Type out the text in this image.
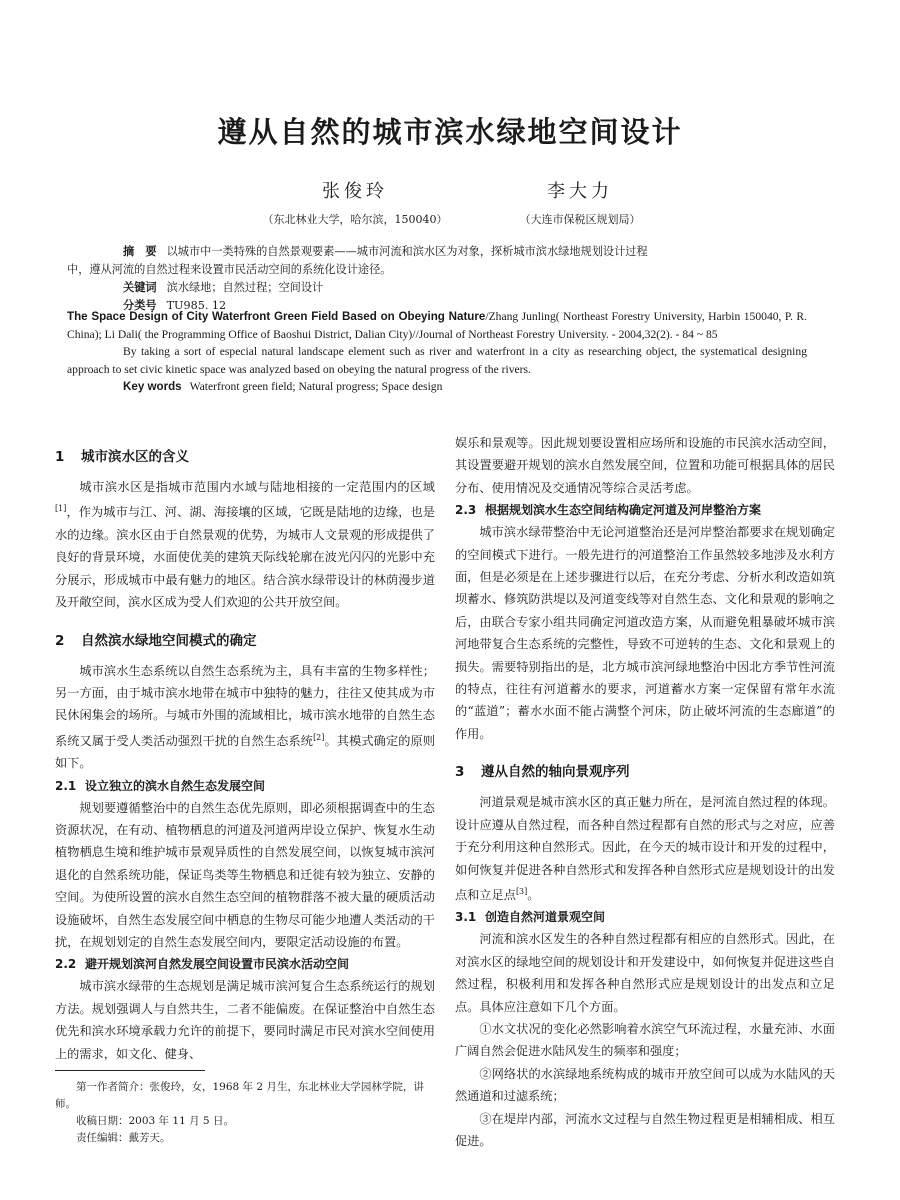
遵从自然的城市滨水绿地空间设计
张俊玲
（东北林业大学，哈尔滨，150040）
李大力
（大连市保税区规划局）

摘　要 以城市中一类特殊的自然景观要素——城市河流和滨水区为对象，探析城市滨水绿地规划设计过程

中，遵从河流的自然过程来设置市民活动空间的系统化设计途径。

关键词 滨水绿地；自然过程；空间设计

分类号 TU985. 12

The Space Design of City Waterfront Green Field Based on Obeying Nature/Zhang Junling( Northeast Forestry University, Harbin 150040, P. R. China); Li Dali( the Programming Office of Baoshui District, Dalian City)//Journal of Northeast Forestry University. - 2004,32(2). - 84 ~ 85

By taking a sort of especial natural landscape element such as river and waterfront in a city as researching object, the systematical designing approach to set civic kinetic space was analyzed based on obeying the natural progress of the rivers.

Key words Waterfront green field; Natural progress; Space design

1 城市滨水区的含义

城市滨水区是指城市范围内水域与陆地相接的一定范围内的区域[1]，作为城市与江、河、湖、海接壤的区域，它既是陆地的边缘，也是水的边缘。滨水区由于自然景观的优势，为城市人文景观的形成提供了良好的背景环境，水面使优美的建筑天际线轮廓在波光闪闪的光影中充分展示，形成城市中最有魅力的地区。结合滨水绿带设计的林荫漫步道及开敞空间，滨水区成为受人们欢迎的公共开放空间。

2 自然滨水绿地空间模式的确定

城市滨水生态系统以自然生态系统为主，具有丰富的生物多样性；另一方面，由于城市滨水地带在城市中独特的魅力，往往又使其成为市民休闲集会的场所。与城市外围的流域相比，城市滨水地带的自然生态系统又属于受人类活动强烈干扰的自然生态系统[2]。其模式确定的原则如下。

2.1 设立独立的滨水自然生态发展空间

规划要遵循整治中的自然生态优先原则，即必须根据调查中的生态资源状况，在有动、植物栖息的河道及河道两岸设立保护、恢复水生动植物栖息生境和维护城市景观异质性的自然发展空间，以恢复城市滨河退化的自然系统功能，保证鸟类等生物栖息和迁徙有较为独立、安静的空间。为使所设置的滨水自然生态空间的植物群落不被大量的硬质活动设施破坏，自然生态发展空间中栖息的生物尽可能少地遭人类活动的干扰，在规划划定的自然生态发展空间内，要限定活动设施的布置。

2.2 避开规划滨河自然发展空间设置市民滨水活动空间

城市滨水绿带的生态规划是满足城市滨河复合生态系统运行的规划方法。规划强调人与自然共生，二者不能偏废。在保证整治中自然生态优先和滨水环境承载力允许的前提下，要同时满足市民对滨水空间使用上的需求，如文化、健身、

娱乐和景观等。因此规划要设置相应场所和设施的市民滨水活动空间，其设置要避开规划的滨水自然发展空间，位置和功能可根据具体的居民分布、使用情况及交通情况等综合灵活考虑。

2.3 根据规划滨水生态空间结构确定河道及河岸整治方案

城市滨水绿带整治中无论河道整治还是河岸整治都要求在规划确定的空间模式下进行。一般先进行的河道整治工作虽然较多地涉及水利方面，但是必须是在上述步骤进行以后，在充分考虑、分析水利改造如筑坝蓄水、修筑防洪堤以及河道变线等对自然生态、文化和景观的影响之后，由联合专家小组共同确定河道改造方案，从而避免粗暴破坏城市滨河地带复合生态系统的完整性，导致不可逆转的生态、文化和景观上的损失。需要特别指出的是，北方城市滨河绿地整治中因北方季节性河流的特点，往往有河道蓄水的要求，河道蓄水方案一定保留有常年水流的“蓝道”；蓄水水面不能占满整个河床，防止破坏河流的生态廊道”的作用。

3 遵从自然的轴向景观序列

河道景观是城市滨水区的真正魅力所在，是河流自然过程的体现。设计应遵从自然过程，而各种自然过程都有自然的形式与之对应，应善于充分利用这种自然形式。因此，在今天的城市设计和开发的过程中，如何恢复并促进各种自然形式和发挥各种自然形式应是规划设计的出发点和立足点[3]。

3.1 创造自然河道景观空间

河流和滨水区发生的各种自然过程都有相应的自然形式。因此，在对滨水区的绿地空间的规划设计和开发建设中，如何恢复并促进这些自然过程，积极利用和发挥各种自然形式应是规划设计的出发点和立足点。具体应注意如下几个方面。

①水文状况的变化必然影响着水滨空气环流过程，水量充沛、水面广阔自然会促进水陆风发生的频率和强度；

②网络状的水滨绿地系统构成的城市开放空间可以成为水陆风的天然通道和过滤系统；

③在堤岸内部，河流水文过程与自然生物过程更是相辅相成、相互促进。

第一作者简介：张俊玲，女，1968 年 2 月生，东北林业大学园林学院，讲师。

收稿日期：2003 年 11 月 5 日。

责任编辑：戴芳天。
